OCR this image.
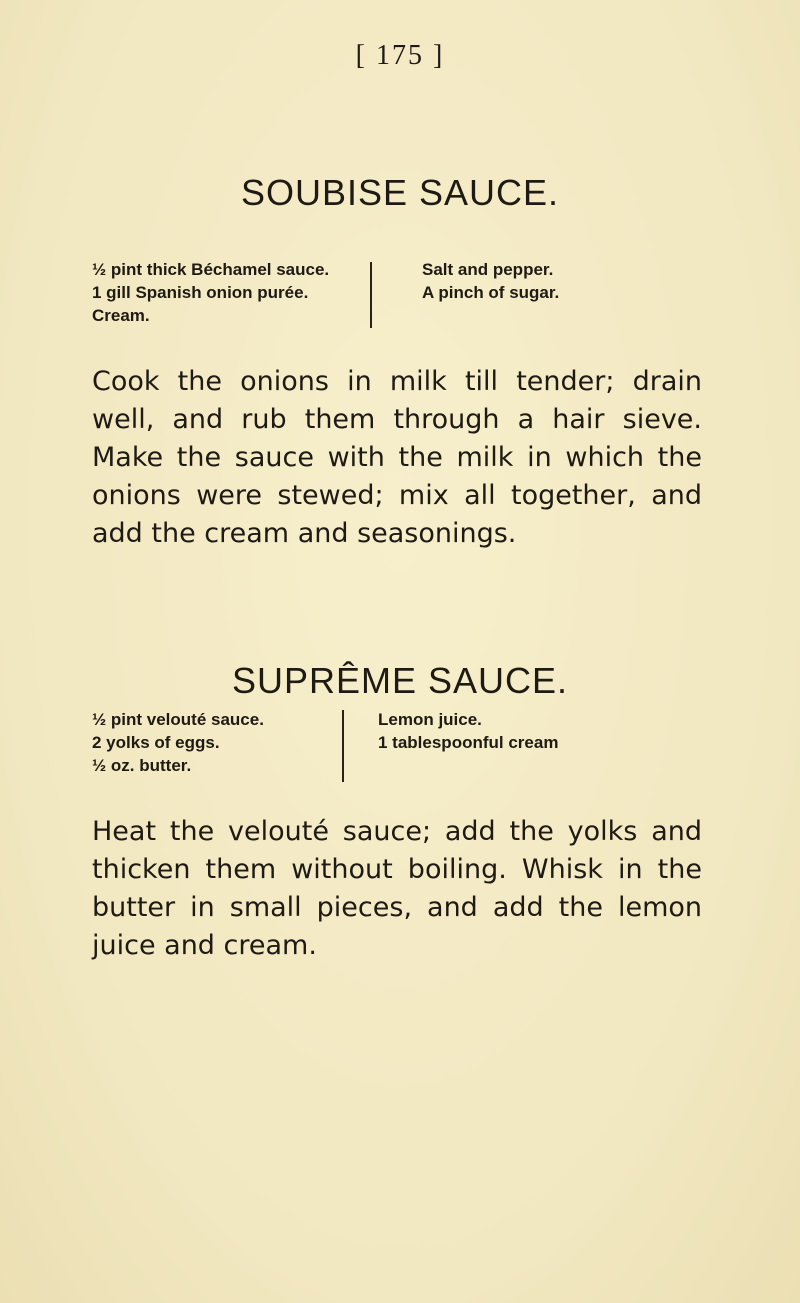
[ 175 ]
SOUBISE SAUCE.
½ pint thick Béchamel sauce.
1 gill Spanish onion purée.
Cream.
Salt and pepper.
A pinch of sugar.

Cook the onions in milk till tender; drain well, and rub them through a hair sieve. Make the sauce with the milk in which the onions were stewed; mix all together, and add the cream and seasonings.

SUPRÊME SAUCE.
½ pint velouté sauce.
2 yolks of eggs.
½ oz. butter.
Lemon juice.
1 tablespoonful cream

Heat the velouté sauce; add the yolks and thicken them without boiling. Whisk in the butter in small pieces, and add the lemon juice and cream.
